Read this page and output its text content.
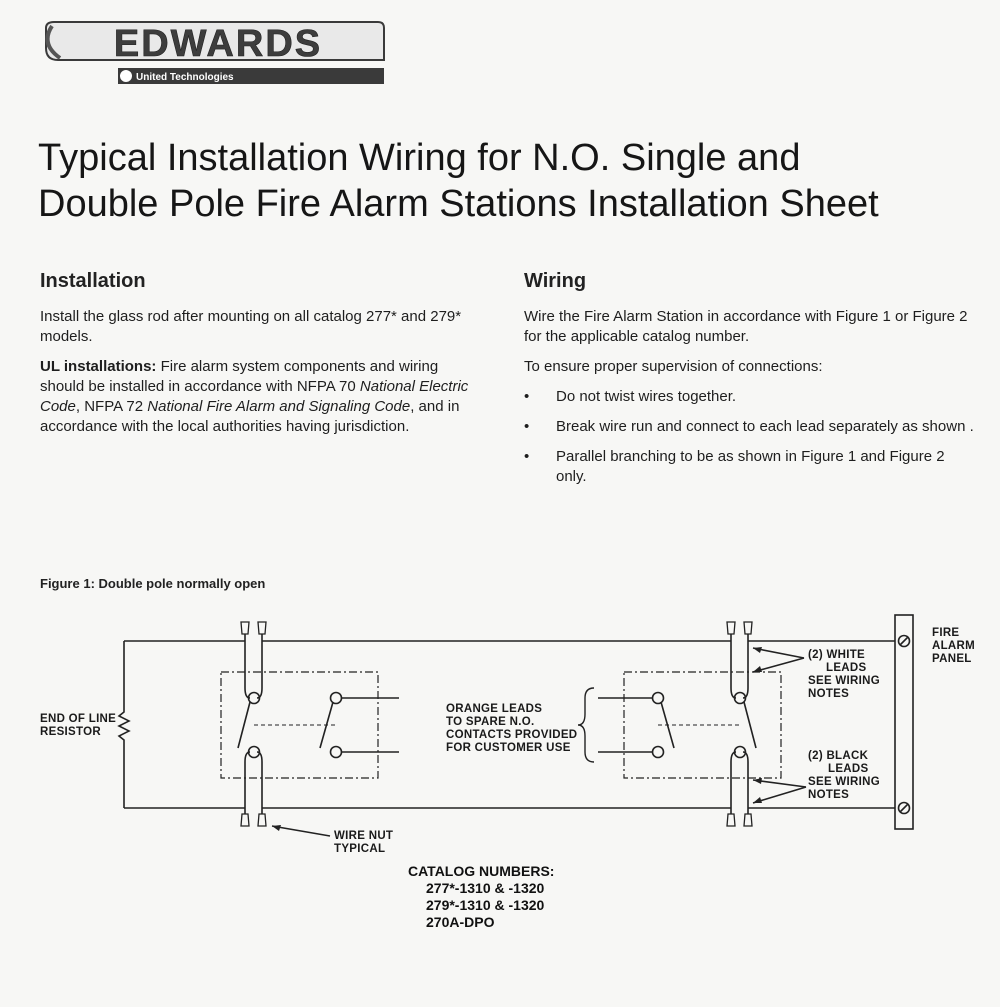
EDWARDS
United Technologies
Typical Installation Wiring for N.O. Single and
Double Pole Fire Alarm Stations Installation Sheet
Installation

Install the glass rod after mounting on all catalog 277* and 279* models.

UL installations: Fire alarm system components and wiring should be installed in accordance with NFPA 70 National Electric Code, NFPA 72 National Fire Alarm and Signaling Code, and in accordance with the local authorities having jurisdiction.

Wiring

Wire the Fire Alarm Station in accordance with Figure 1 or Figure 2 for the applicable catalog number.

To ensure proper supervision of connections:

• Do not twist wires together.
• Break wire run and connect to each lead separately as shown .
• Parallel branching to be as shown in Figure 1 and Figure 2 only.
Figure 1: Double pole normally open
END OF LINE
RESISTOR
ORANGE LEADS
TO SPARE N.O.
CONTACTS PROVIDED
FOR CUSTOMER USE
(2) WHITE
LEADS
SEE WIRING
NOTES
(2) BLACK
LEADS
SEE WIRING
NOTES
FIRE
ALARM
PANEL
WIRE NUT
TYPICAL
CATALOG NUMBERS:
277*-1310 & -1320
279*-1310 & -1320
270A-DPO
